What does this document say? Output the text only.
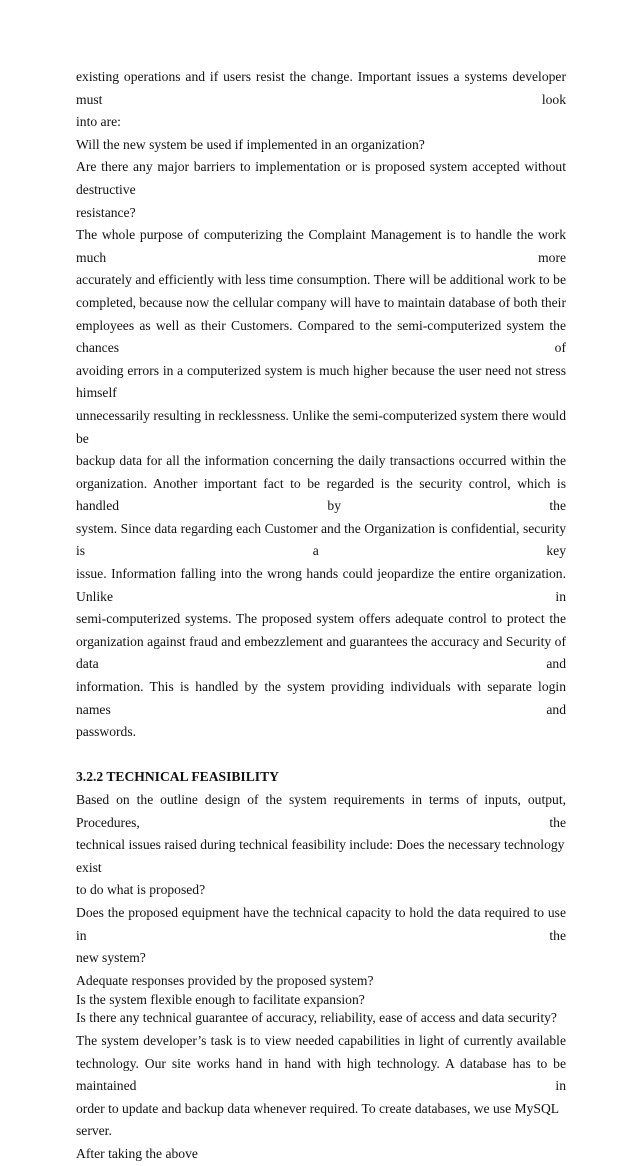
existing operations and if users resist the change. Important issues a systems developer must look
into are:
Will the new system be used if implemented in an organization?
Are there any major barriers to implementation or is proposed system accepted without destructive
resistance?
The whole purpose of computerizing the Complaint Management is to handle the work much more
accurately and efficiently with less time consumption. There will be additional work to be
completed, because now the cellular company will have to maintain database of both their
employees as well as their Customers. Compared to the semi-computerized system the chances of
avoiding errors in a computerized system is much higher because the user need not stress himself
unnecessarily resulting in recklessness. Unlike the semi-computerized system there would be
backup data for all the information concerning the daily transactions occurred within the
organization. Another important fact to be regarded is the security control, which is handled by the
system. Since data regarding each Customer and the Organization is confidential, security is a key
issue. Information falling into the wrong hands could jeopardize the entire organization. Unlike in
semi-computerized systems. The proposed system offers adequate control to protect the
organization against fraud and embezzlement and guarantees the accuracy and Security of data and
information. This is handled by the system providing individuals with separate login names and
passwords.
3.2.2 TECHNICAL FEASIBILITY
Based on the outline design of the system requirements in terms of inputs, output, Procedures, the
technical issues raised during technical feasibility include: Does the necessary technology exist
to do what is proposed?
Does the proposed equipment have the technical capacity to hold the data required to use in the
new system?
Adequate responses provided by the proposed system?
Is the system flexible enough to facilitate expansion?
Is there any technical guarantee of accuracy, reliability, ease of access and data security?
The system developer’s task is to view needed capabilities in light of currently available
technology. Our site works hand in hand with high technology. A database has to be maintained in
order to update and backup data whenever required. To create databases, we use MySQL server.
After taking the above
